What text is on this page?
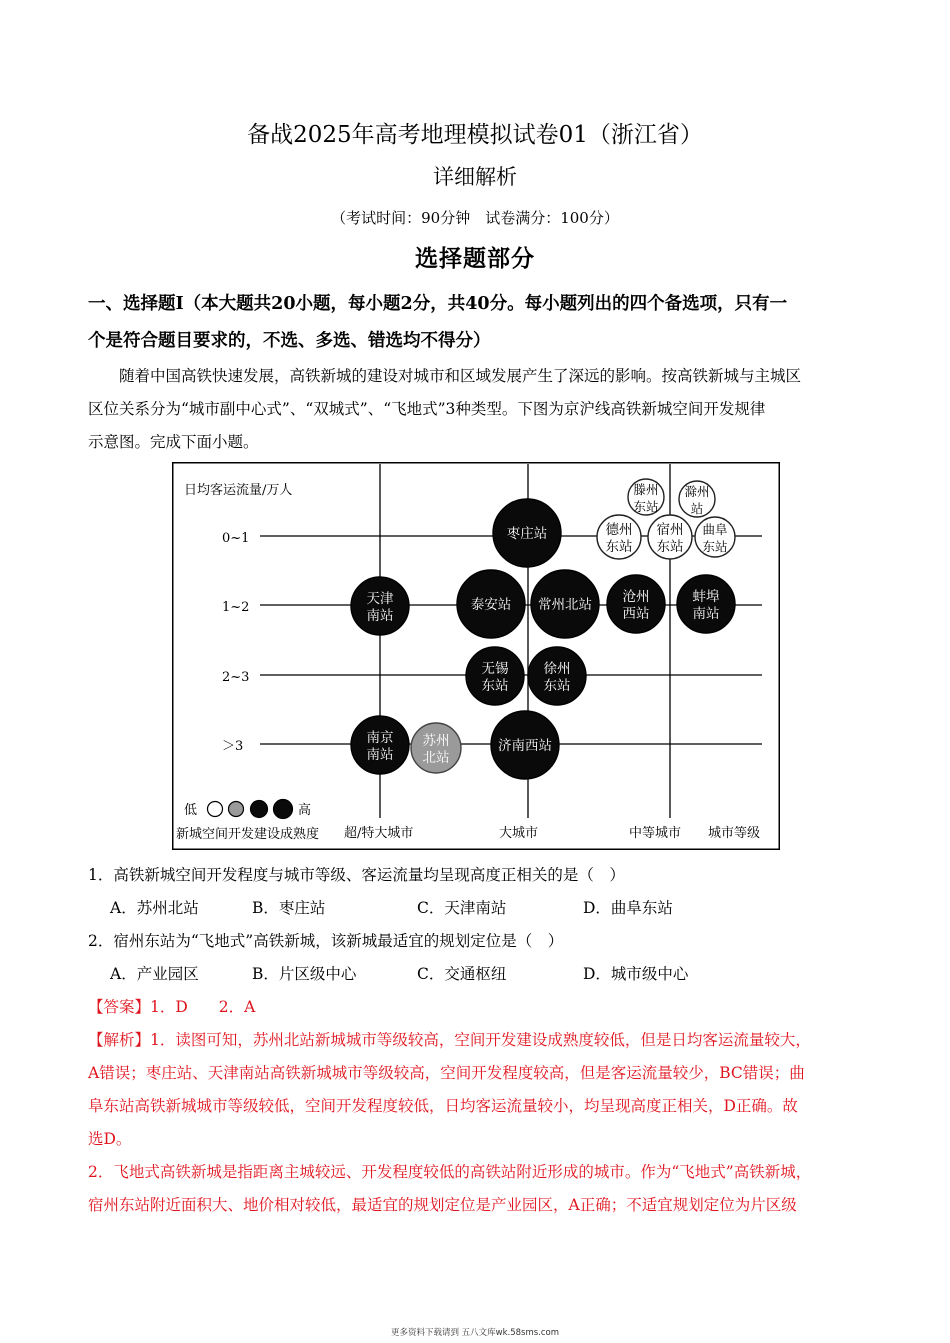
备战2025年高考地理模拟试卷01（浙江省）
详细解析
（考试时间：90分钟　试卷满分：100分）
选择题部分
一、选择题Ⅰ（本大题共20小题，每小题2分，共40分。每小题列出的四个备选项，只有一
个是符合题目要求的，不选、多选、错选均不得分）
　　随着中国高铁快速发展，高铁新城的建设对城市和区域发展产生了深远的影响。按高铁新城与主城区
区位关系分为“城市副中心式”、“双城式”、“飞地式”3种类型。下图为京沪线高铁新城空间开发规律
示意图。完成下面小题。
日均客运流量/万人
0~1
1~2
2~3
＞3
超/特大城市	大城市	中等城市 城市等级
低	高
新城空间开发建设成熟度
滕州
东站
滁州
站
枣庄站	德州
东站
宿州
东站
曲阜
东站
天津
南站
泰安站 常州北站 沧州
西站
蚌埠
南站
无锡
东站
徐州
东站
南京
南站
苏州
北站
济南西站
1．高铁新城空间开发程度与城市等级、客运流量均呈现高度正相关的是（　）
A．苏州北站	B．枣庄站	C．天津南站	D．曲阜东站
2．宿州东站为“飞地式”高铁新城，该新城最适宜的规划定位是（　）
A．产业园区	B．片区级中心	C．交通枢纽	D．城市级中心
【答案】1．D　　2．A
【解析】1．读图可知，苏州北站新城城市等级较高，空间开发建设成熟度较低，但是日均客运流量较大，
A错误；枣庄站、天津南站高铁新城城市等级较高，空间开发程度较高，但是客运流量较少，BC错误；曲
阜东站高铁新城城市等级较低，空间开发程度较低，日均客运流量较小，均呈现高度正相关，D正确。故
选D。
2．飞地式高铁新城是指距离主城较远、开发程度较低的高铁站附近形成的城市。作为“飞地式”高铁新城，
宿州东站附近面积大、地价相对较低，最适宜的规划定位是产业园区，A正确；不适宜规划定位为片区级
更多资料下载请到 五八文库wk.58sms.com
